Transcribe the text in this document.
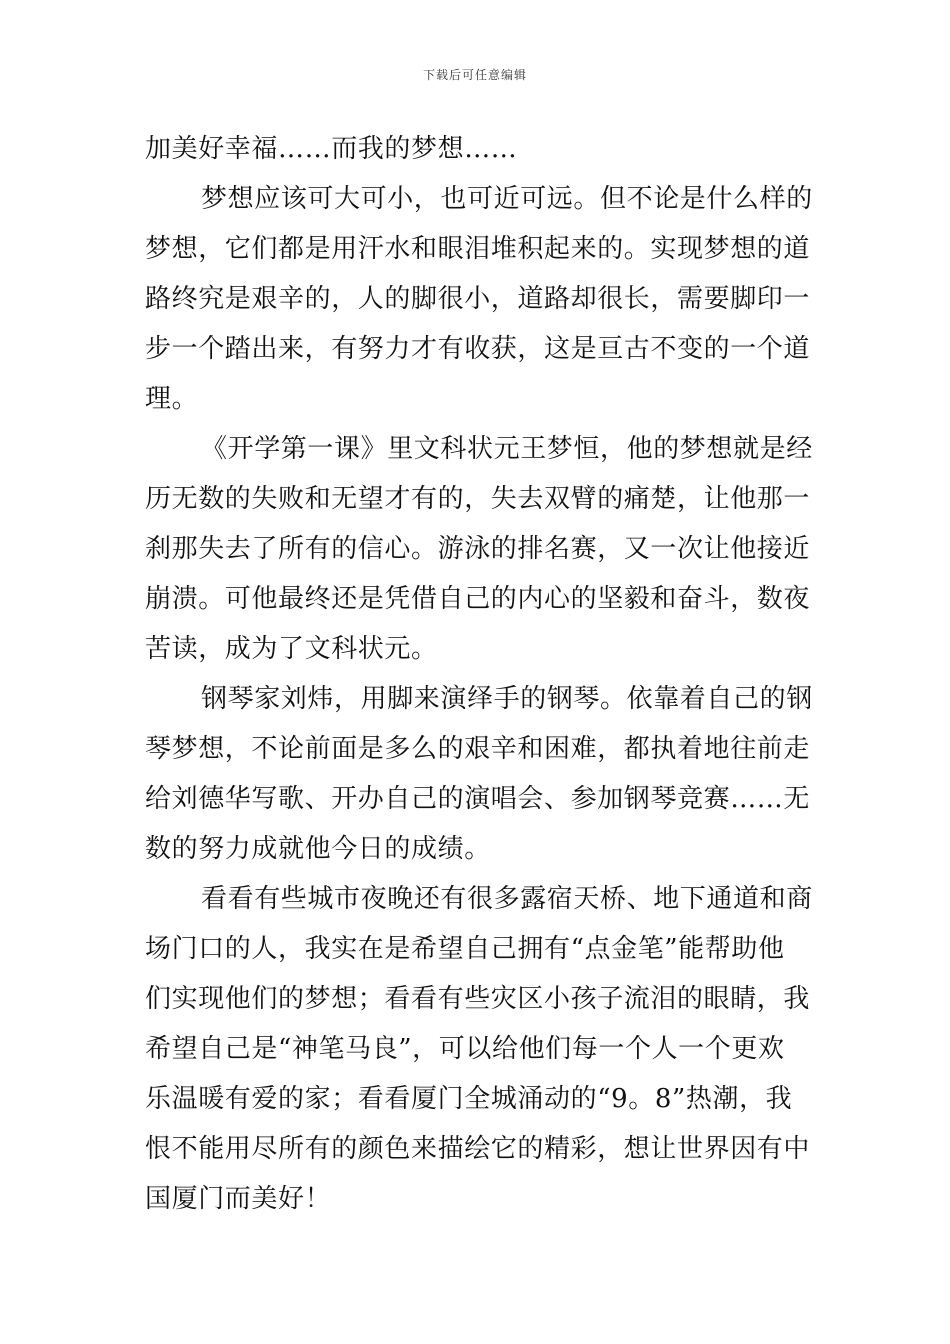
下载后可任意编辑
加美好幸福……而我的梦想……
梦想应该可大可小，也可近可远。但不论是什么样的
梦想，它们都是用汗水和眼泪堆积起来的。实现梦想的道
路终究是艰辛的，人的脚很小，道路却很长，需要脚印一
步一个踏出来，有努力才有收获，这是亘古不变的一个道
理。
《开学第一课》里文科状元王梦恒，他的梦想就是经
历无数的失败和无望才有的，失去双臂的痛楚，让他那一
刹那失去了所有的信心。游泳的排名赛，又一次让他接近
崩溃。可他最终还是凭借自己的内心的坚毅和奋斗，数夜
苦读，成为了文科状元。
钢琴家刘炜，用脚来演绎手的钢琴。依靠着自己的钢
琴梦想，不论前面是多么的艰辛和困难，都执着地往前走
给刘德华写歌、开办自己的演唱会、参加钢琴竞赛……无
数的努力成就他今日的成绩。
看看有些城市夜晚还有很多露宿天桥、地下通道和商
场门口的人，我实在是希望自己拥有“点金笔”能帮助他
们实现他们的梦想；看看有些灾区小孩子流泪的眼睛，我
希望自己是“神笔马良”，可以给他们每一个人一个更欢
乐温暖有爱的家；看看厦门全城涌动的“9。8”热潮，我
恨不能用尽所有的颜色来描绘它的精彩，想让世界因有中
国厦门而美好！
